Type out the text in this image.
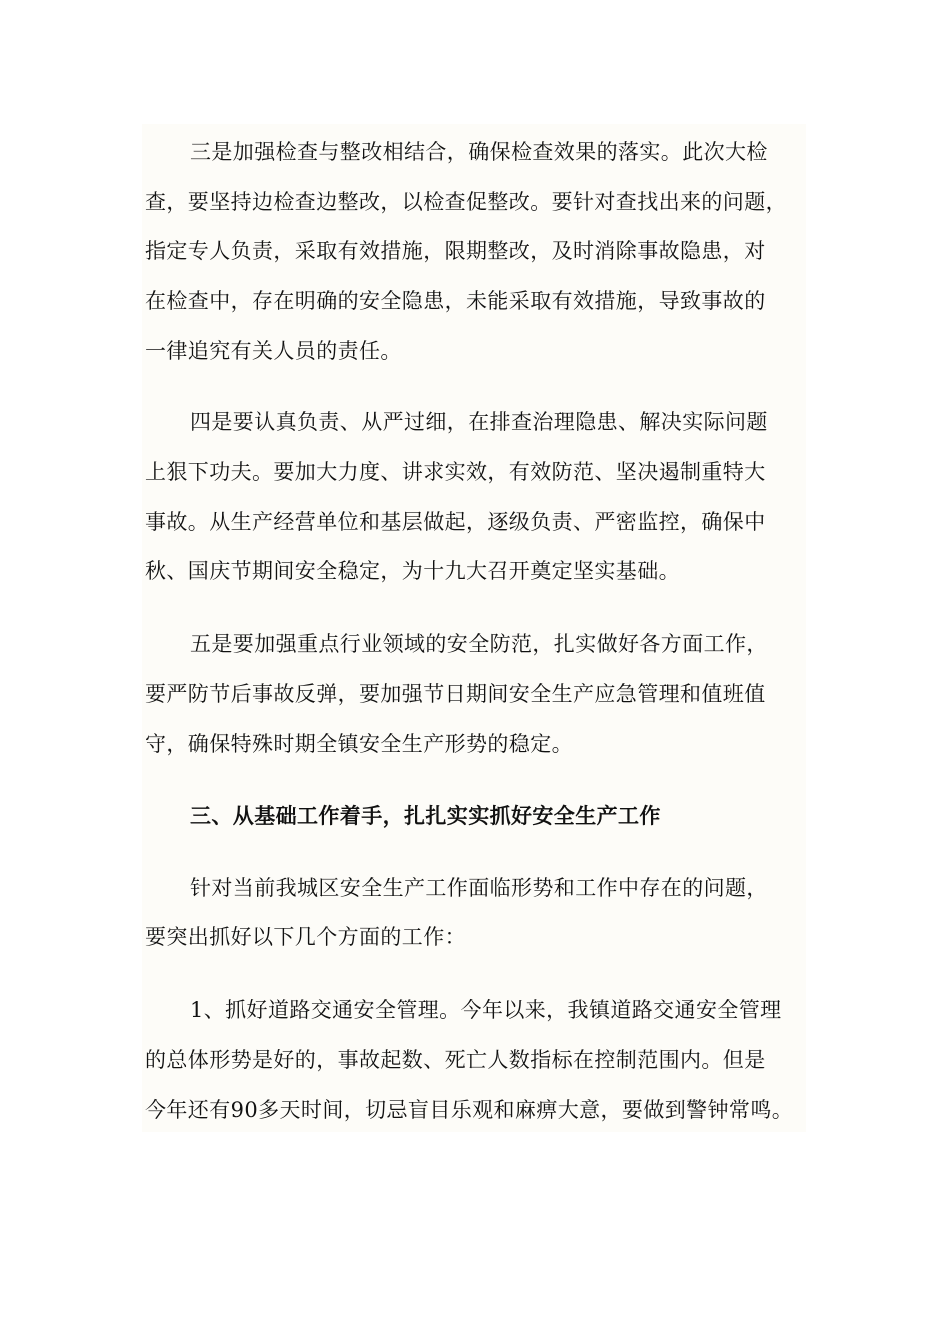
三是加强检查与整改相结合，确保检查效果的落实。此次大检
查，要坚持边检查边整改，以检查促整改。要针对查找出来的问题，
指定专人负责，采取有效措施，限期整改，及时消除事故隐患，对
在检查中，存在明确的安全隐患，未能采取有效措施，导致事故的
一律追究有关人员的责任。
四是要认真负责、从严过细，在排查治理隐患、解决实际问题
上狠下功夫。要加大力度、讲求实效，有效防范、坚决遏制重特大
事故。从生产经营单位和基层做起，逐级负责、严密监控，确保中
秋、国庆节期间安全稳定，为十九大召开奠定坚实基础。
五是要加强重点行业领域的安全防范，扎实做好各方面工作，
要严防节后事故反弹，要加强节日期间安全生产应急管理和值班值
守，确保特殊时期全镇安全生产形势的稳定。
三、从基础工作着手，扎扎实实抓好安全生产工作
针对当前我城区安全生产工作面临形势和工作中存在的问题，
要突出抓好以下几个方面的工作：
1、抓好道路交通安全管理。今年以来，我镇道路交通安全管理
的总体形势是好的，事故起数、死亡人数指标在控制范围内。但是
今年还有90多天时间，切忌盲目乐观和麻痹大意，要做到警钟常鸣。
